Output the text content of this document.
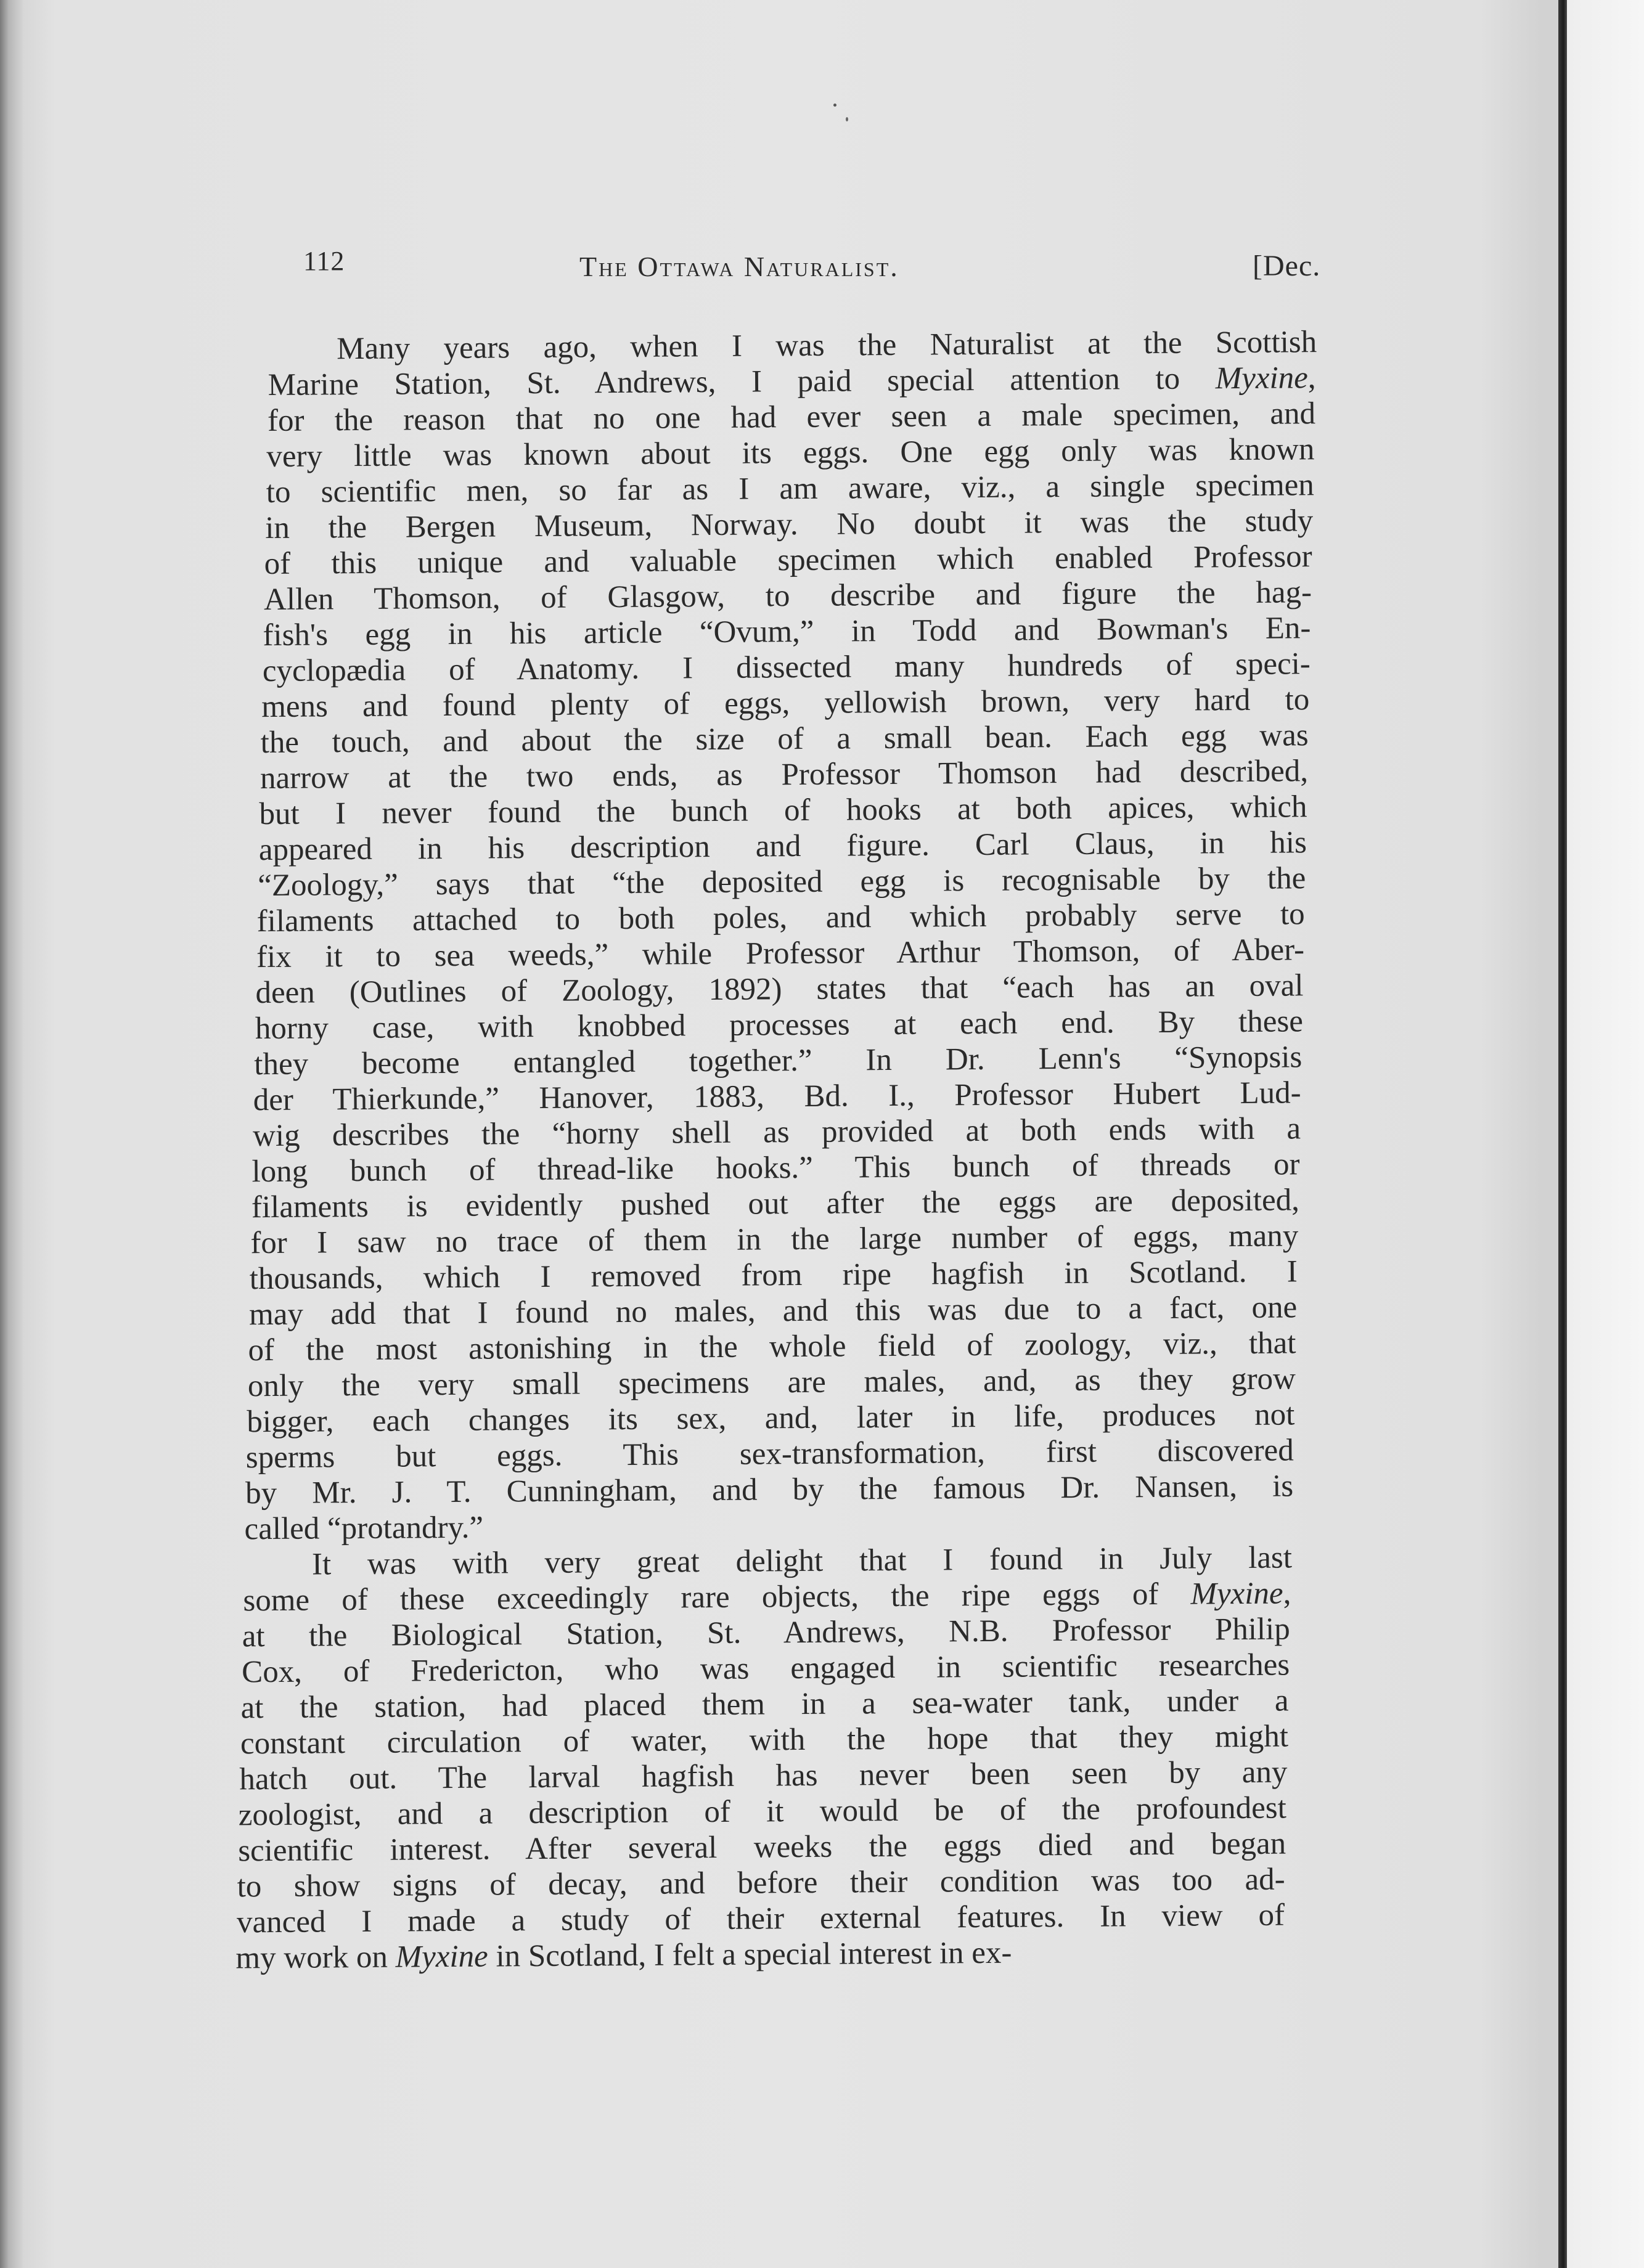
112	The Ottawa Naturalist.	[Dec.
Many years ago, when I was the Naturalist at the Scottish
Marine Station, St. Andrews, I paid special attention to Myxine,
for the reason that no one had ever seen a male specimen, and
very little was known about its eggs. One egg only was known
to scientific men, so far as I am aware, viz., a single specimen
in the Bergen Museum, Norway. No doubt it was the study
of this unique and valuable specimen which enabled Professor
Allen Thomson, of Glasgow, to describe and figure the hag-
fish's egg in his article “Ovum,” in Todd and Bowman's En-
cyclopædia of Anatomy. I dissected many hundreds of speci-
mens and found plenty of eggs, yellowish brown, very hard to
the touch, and about the size of a small bean. Each egg was
narrow at the two ends, as Professor Thomson had described,
but I never found the bunch of hooks at both apices, which
appeared in his description and figure. Carl Claus, in his
“Zoology,” says that “the deposited egg is recognisable by the
filaments attached to both poles, and which probably serve to
fix it to sea weeds,” while Professor Arthur Thomson, of Aber-
deen (Outlines of Zoology, 1892) states that “each has an oval
horny case, with knobbed processes at each end. By these
they become entangled together.” In Dr. Lenn's “Synopsis
der Thierkunde,” Hanover, 1883, Bd. I., Professor Hubert Lud-
wig describes the “horny shell as provided at both ends with a
long bunch of thread-like hooks.” This bunch of threads or
filaments is evidently pushed out after the eggs are deposited,
for I saw no trace of them in the large number of eggs, many
thousands, which I removed from ripe hagfish in Scotland. I
may add that I found no males, and this was due to a fact, one
of the most astonishing in the whole field of zoology, viz., that
only the very small specimens are males, and, as they grow
bigger, each changes its sex, and, later in life, produces not
sperms but eggs. This sex-transformation, first discovered
by Mr. J. T. Cunningham, and by the famous Dr. Nansen, is
called “protandry.”
It was with very great delight that I found in July last
some of these exceedingly rare objects, the ripe eggs of Myxine,
at the Biological Station, St. Andrews, N.B. Professor Philip
Cox, of Fredericton, who was engaged in scientific researches
at the station, had placed them in a sea-water tank, under a
constant circulation of water, with the hope that they might
hatch out. The larval hagfish has never been seen by any
zoologist, and a description of it would be of the profoundest
scientific interest. After several weeks the eggs died and began
to show signs of decay, and before their condition was too ad-
vanced I made a study of their external features. In view of
my work on Myxine in Scotland, I felt a special interest in ex-
